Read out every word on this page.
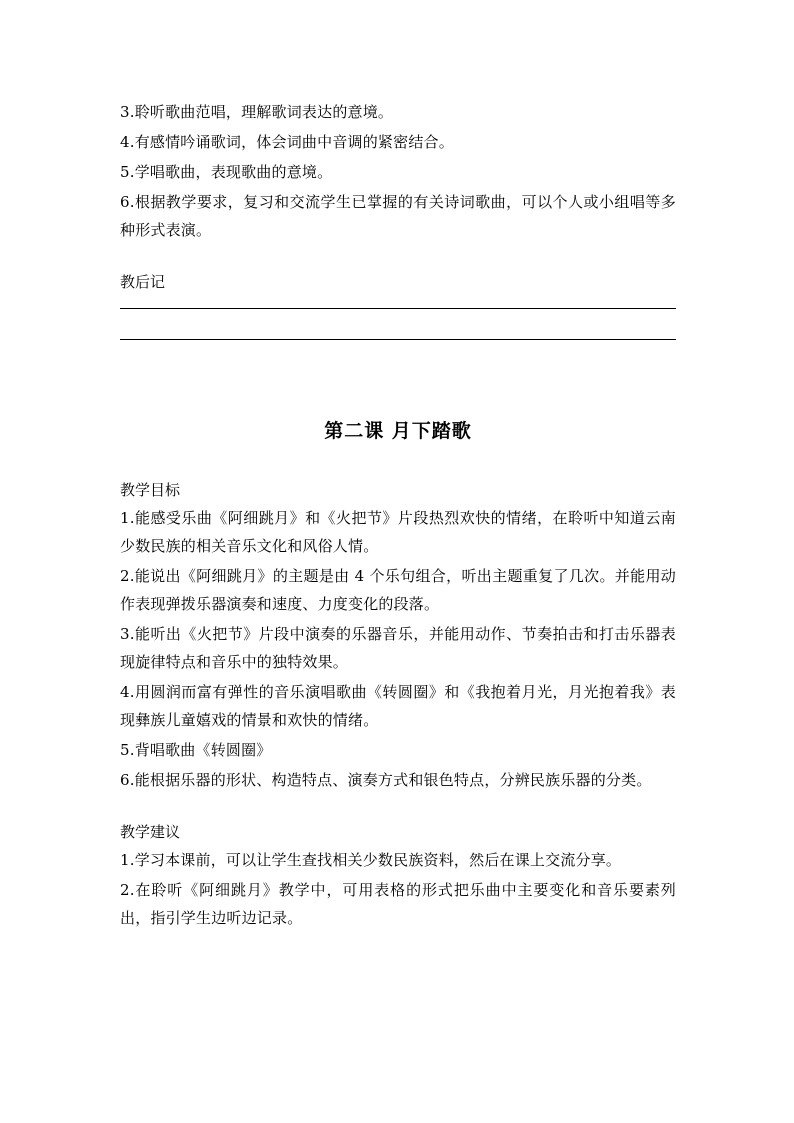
3.聆听歌曲范唱，理解歌词表达的意境。

4.有感情吟诵歌词，体会词曲中音调的紧密结合。

5.学唱歌曲，表现歌曲的意境。

6.根据教学要求，复习和交流学生已掌握的有关诗词歌曲，可以个人或小组唱等多种形式表演。

教后记

第二课 月下踏歌

教学目标

1.能感受乐曲《阿细跳月》和《火把节》片段热烈欢快的情绪，在聆听中知道云南少数民族的相关音乐文化和风俗人情。

2.能说出《阿细跳月》的主题是由 4 个乐句组合，听出主题重复了几次。并能用动作表现弹拨乐器演奏和速度、力度变化的段落。

3.能听出《火把节》片段中演奏的乐器音乐，并能用动作、节奏拍击和打击乐器表现旋律特点和音乐中的独特效果。

4.用圆润而富有弹性的音乐演唱歌曲《转圆圈》和《我抱着月光，月光抱着我》表现彝族儿童嬉戏的情景和欢快的情绪。

5.背唱歌曲《转圆圈》

6.能根据乐器的形状、构造特点、演奏方式和银色特点，分辨民族乐器的分类。

教学建议

1.学习本课前，可以让学生查找相关少数民族资料，然后在课上交流分享。

2.在聆听《阿细跳月》教学中，可用表格的形式把乐曲中主要变化和音乐要素列出，指引学生边听边记录。
